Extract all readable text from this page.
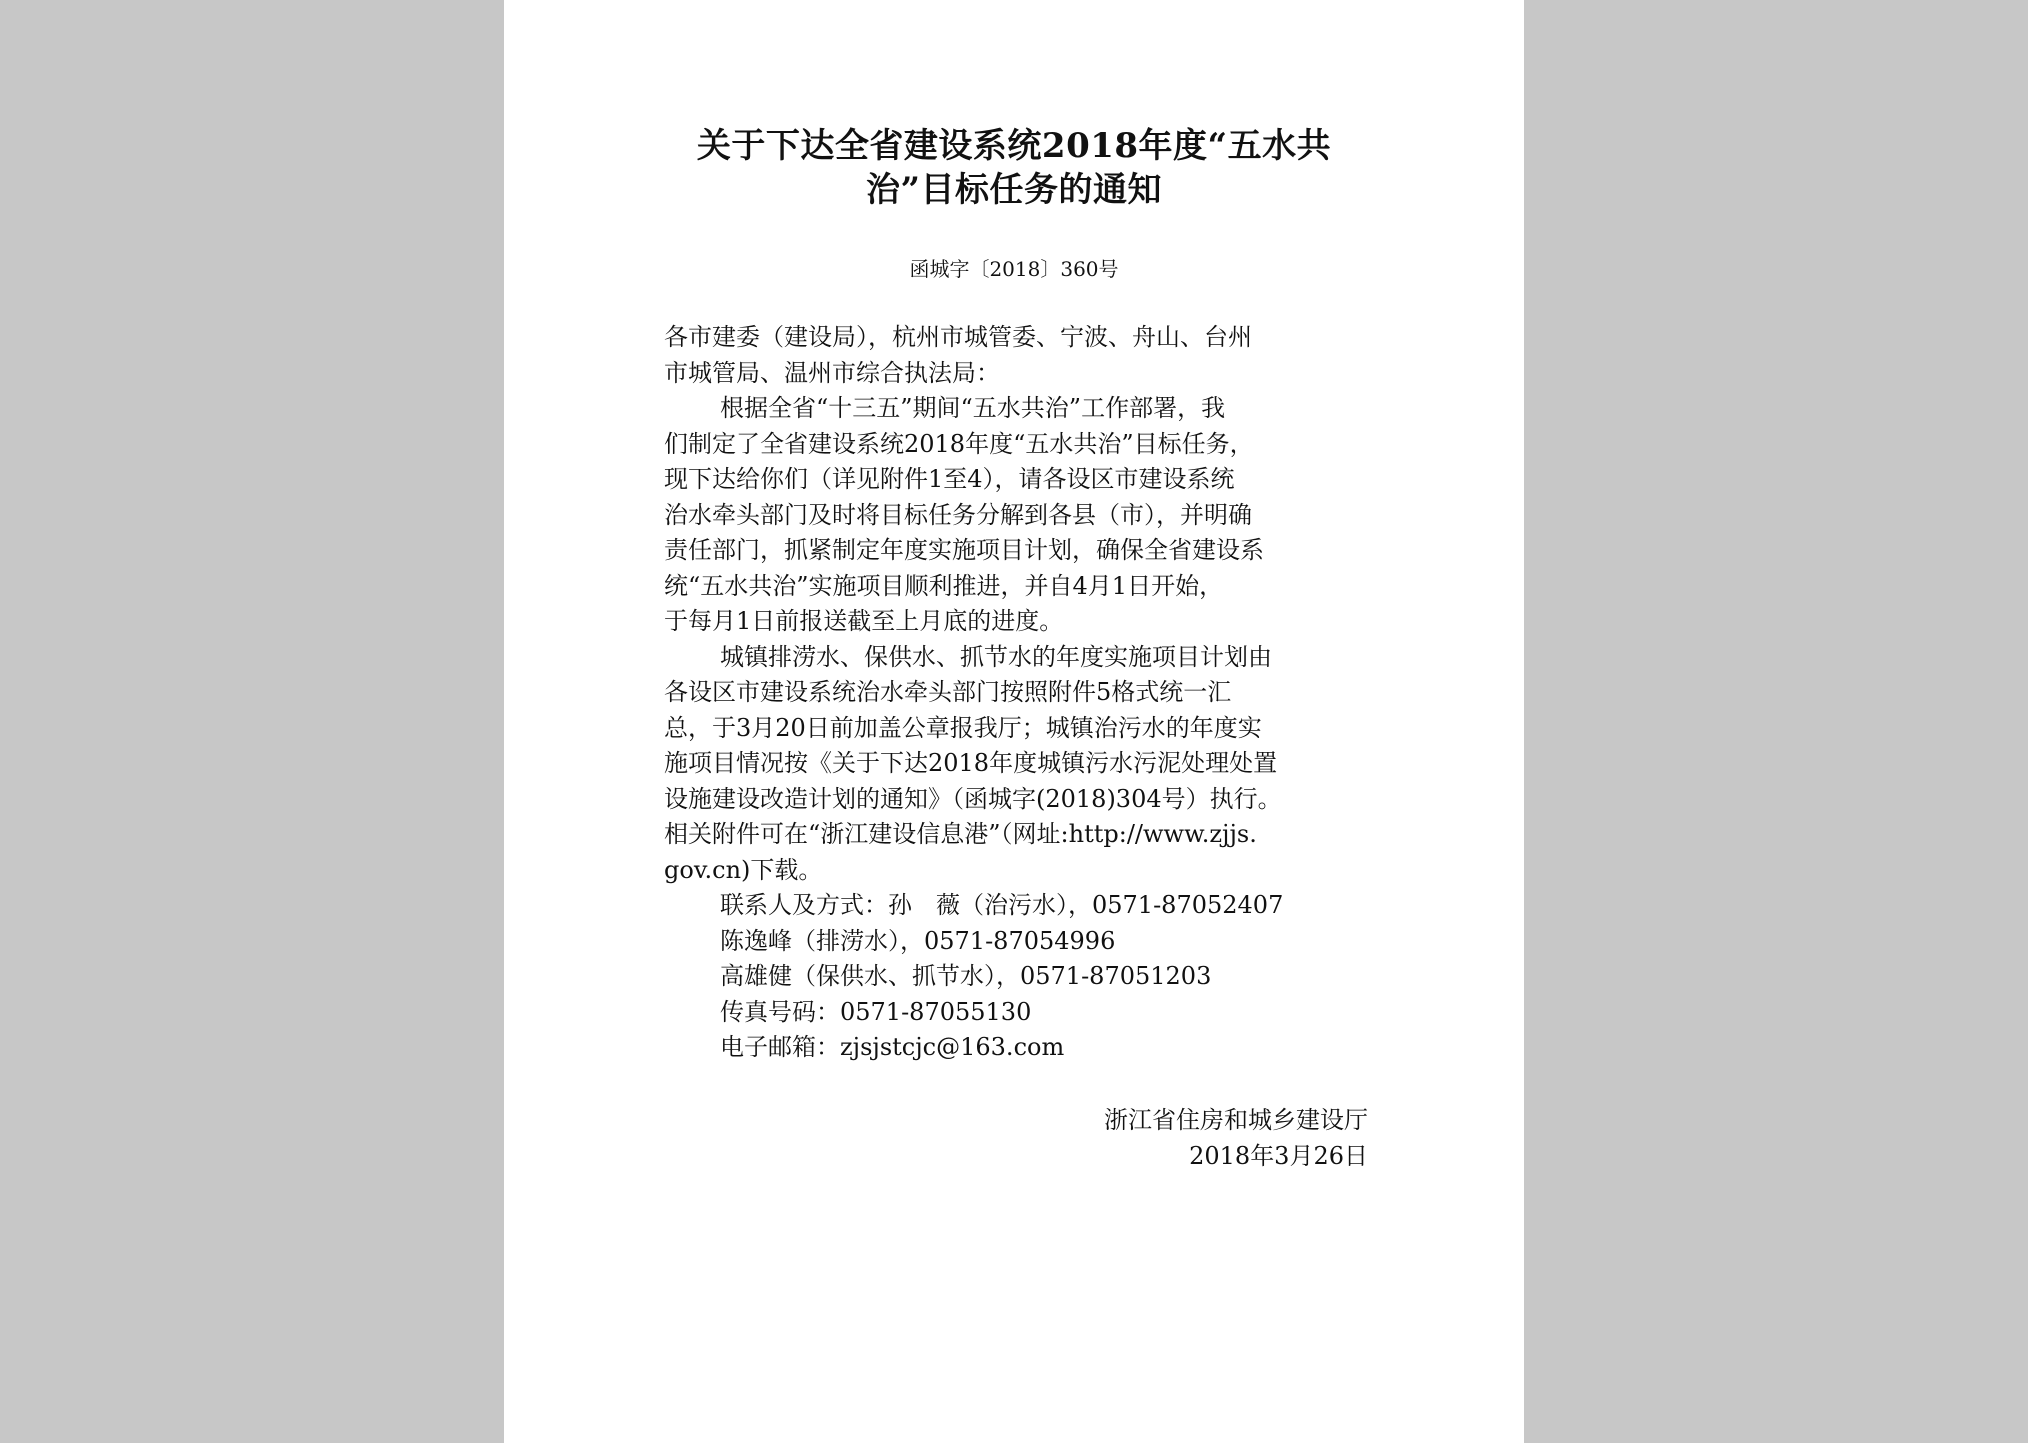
关于下达全省建设系统2018年度“五水共
治”目标任务的通知
函城字〔2018〕360号
各市建委（建设局），杭州市城管委、宁波、舟山、台州
市城管局、温州市综合执法局：
根据全省“十三五”期间“五水共治”工作部署，我
们制定了全省建设系统2018年度“五水共治”目标任务，
现下达给你们（详见附件1至4），请各设区市建设系统
治水牵头部门及时将目标任务分解到各县（市），并明确
责任部门，抓紧制定年度实施项目计划，确保全省建设系
统“五水共治”实施项目顺利推进，并自4月1日开始，
于每月1日前报送截至上月底的进度。
城镇排涝水、保供水、抓节水的年度实施项目计划由
各设区市建设系统治水牵头部门按照附件5格式统一汇
总，于3月20日前加盖公章报我厅；城镇治污水的年度实
施项目情况按《关于下达2018年度城镇污水污泥处理处置
设施建设改造计划的通知》（函城字(2018)304号）执行。
相关附件可在“浙江建设信息港”（网址:http://www.zjjs.
gov.cn)下载。
联系人及方式：孙　薇（治污水），0571-87052407
陈逸峰（排涝水），0571-87054996
高雄健（保供水、抓节水），0571-87051203
传真号码：0571-87055130
电子邮箱：zjsjstcjc@163.com
浙江省住房和城乡建设厅
2018年3月26日
